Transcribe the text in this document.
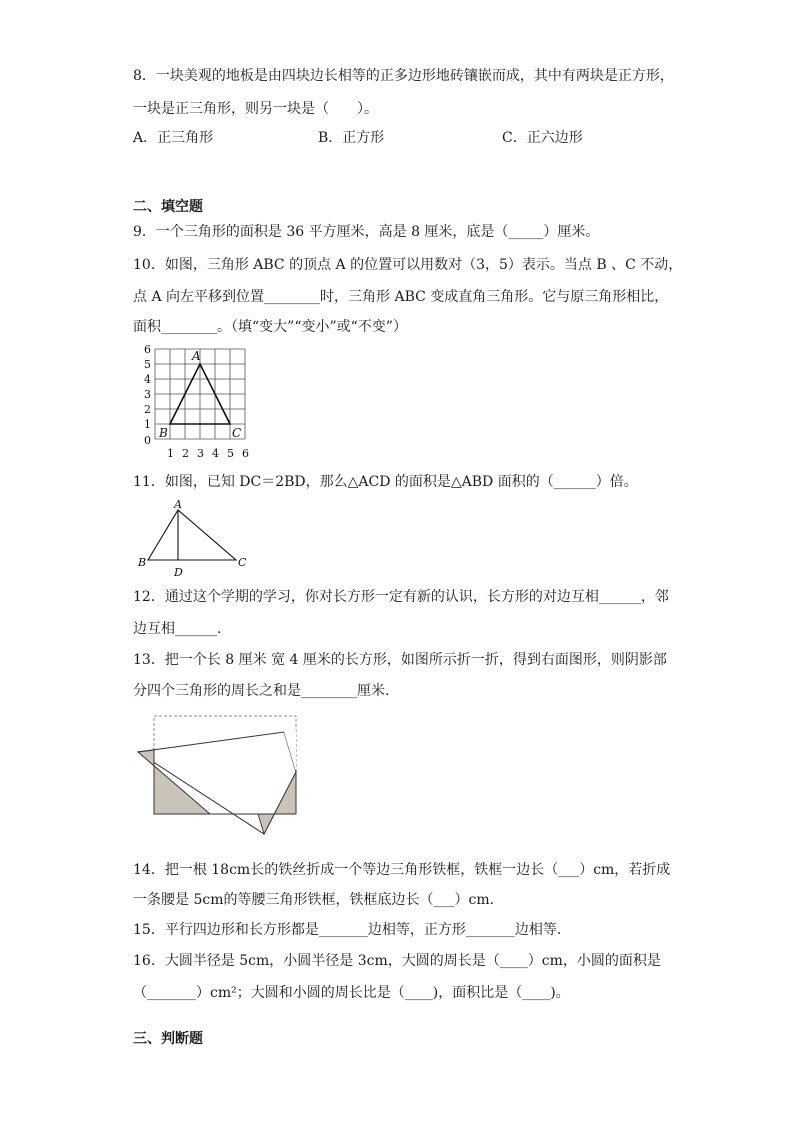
8．一块美观的地板是由四块边长相等的正多边形地砖镶嵌而成，其中有两块是正方形，
一块是正三角形，则另一块是（　　）。
A．正三角形	B．正方形	C．正六边形
二、填空题
9．一个三角形的面积是 36 平方厘米，高是 8 厘米，底是（_____）厘米。
10．如图，三角形 ABC 的顶点 A 的位置可以用数对（3，5）表示。当点 B 、C 不动，
点 A 向左平移到位置________时，三角形 ABC 变成直角三角形。它与原三角形相比，
面积________。（填“变大”“变小”或“不变”）
6
5
4
3
2
1
0
1 2 3 4 5 6
A
B	C
11．如图，已知 DC＝2BD，那么△ACD 的面积是△ABD 面积的（______）倍。
A
B	C
D
12．通过这个学期的学习，你对长方形一定有新的认识，长方形的对边互相______，邻
边互相______.
13．把一个长 8 厘米 宽 4 厘米的长方形，如图所示折一折，得到右面图形，则阴影部
分四个三角形的周长之和是________厘米.
14．把一根 18cm长的铁丝折成一个等边三角形铁框，铁框一边长（___）cm，若折成
一条腰是 5cm的等腰三角形铁框，铁框底边长（___）cm.
15．平行四边形和长方形都是_______边相等，正方形_______边相等.
16．大圆半径是 5cm，小圆半径是 3cm，大圆的周长是（____）cm，小圆的面积是
（_______）cm²；大圆和小圆的周长比是（____)，面积比是（____)。
三、判断题
